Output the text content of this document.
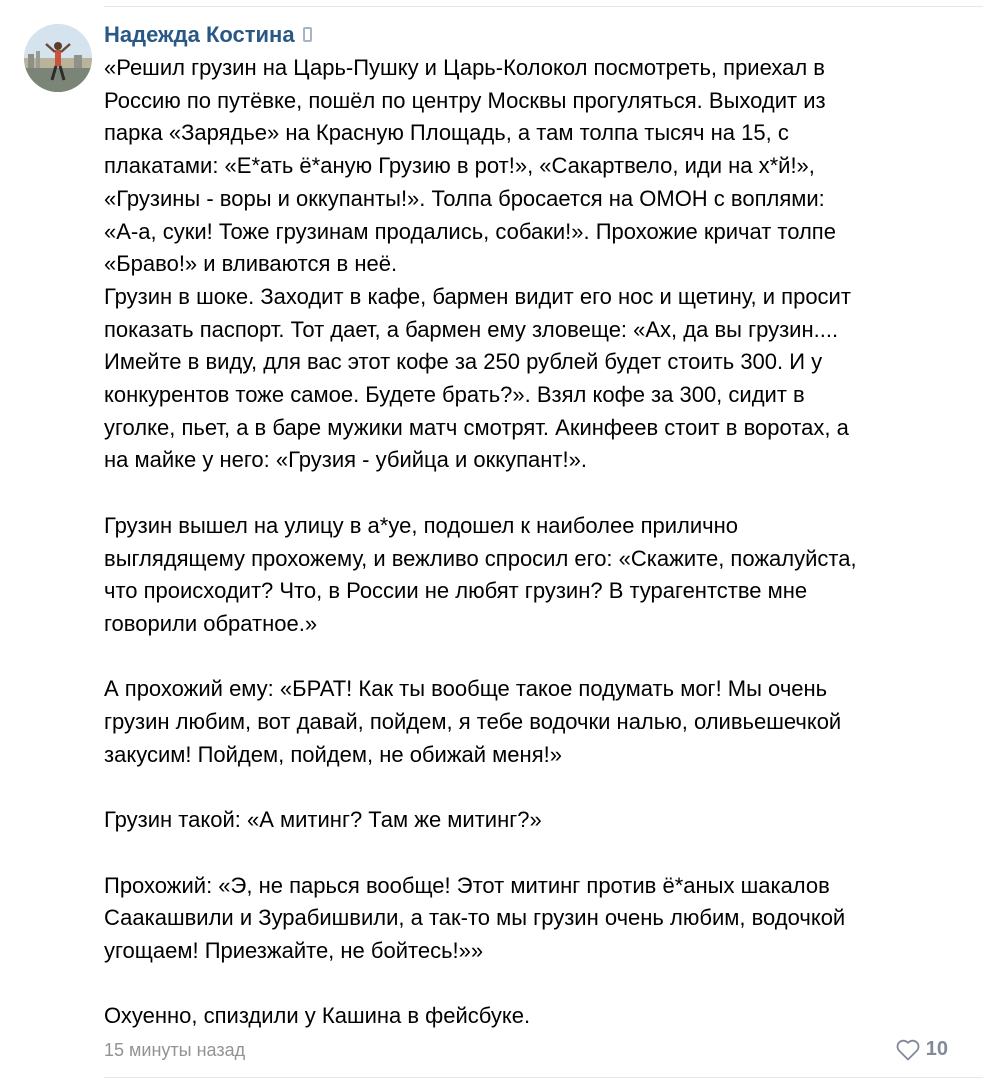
Надежда Костина

«Решил грузин на Царь-Пушку и Царь-Колокол посмотреть, приехал в

Россию по путёвке, пошёл по центру Москвы прогуляться. Выходит из

парка «Зарядье» на Красную Площадь, а там толпа тысяч на 15, с

плакатами: «Е*ать ё*аную Грузию в рот!», «Сакартвело, иди на х*й!»,

«Грузины - воры и оккупанты!». Толпа бросается на ОМОН с воплями:

«А-а, суки! Тоже грузинам продались, собаки!». Прохожие кричат толпе

«Браво!» и вливаются в неё.

Грузин в шоке. Заходит в кафе, бармен видит его нос и щетину, и просит

показать паспорт. Тот дает, а бармен ему зловеще: «Ах, да вы грузин....

Имейте в виду, для вас этот кофе за 250 рублей будет стоить 300. И у

конкурентов тоже самое. Будете брать?». Взял кофе за 300, сидит в

уголке, пьет, а в баре мужики матч смотрят. Акинфеев стоит в воротах, а

на майке у него: «Грузия - убийца и оккупант!».

Грузин вышел на улицу в а*уе, подошел к наиболее прилично

выглядящему прохожему, и вежливо спросил его: «Скажите, пожалуйста,

что происходит? Что, в России не любят грузин? В турагентстве мне

говорили обратное.»

А прохожий ему: «БРАТ! Как ты вообще такое подумать мог! Мы очень

грузин любим, вот давай, пойдем, я тебе водочки налью, оливьешечкой

закусим! Пойдем, пойдем, не обижай меня!»

Грузин такой: «А митинг? Там же митинг?»

Прохожий: «Э, не парься вообще! Этот митинг против ё*аных шакалов

Саакашвили и Зурабишвили, а так-то мы грузин очень любим, водочкой

угощаем! Приезжайте, не бойтесь!»»

Охуенно, спиздили у Кашина в фейсбуке.

15 минуты назад	10
